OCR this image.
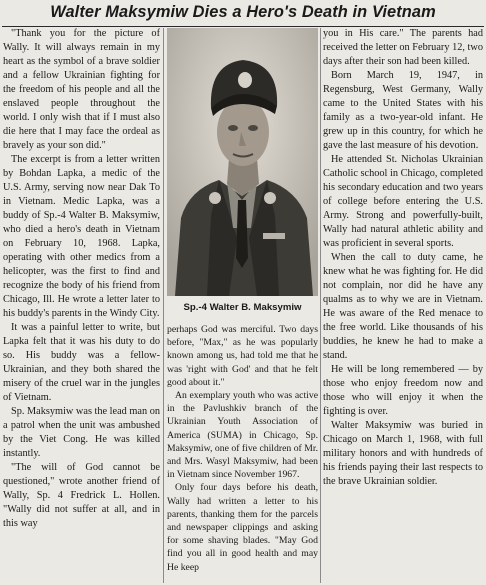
Walter Maksymiw Dies a Hero's Death in Vietnam

"Thank you for the picture of Wally. It will always remain in my heart as the symbol of a brave soldier and a fellow Ukrainian fighting for the freedom of his people and all the enslaved people throughout the world. I only wish that if I must also die here that I may face the ordeal as bravely as your son did."

The excerpt is from a letter written by Bohdan Lapka, a medic of the U.S. Army, serving now near Dak To in Vietnam. Medic Lapka, was a buddy of Sp.-4 Walter B. Maksymiw, who died a hero's death in Vietnam on February 10, 1968. Lapka, operating with other medics from a helicopter, was the first to find and recognize the body of his friend from Chicago, Ill. He wrote a letter later to his buddy's parents in the Windy City.

It was a painful letter to write, but Lapka felt that it was his duty to do so. His buddy was a fellow-Ukrainian, and they both shared the misery of the cruel war in the jungles of Vietnam.

Sp. Maksymiw was the lead man on a patrol when the unit was ambushed by the Viet Cong. He was killed instantly.

"The will of God cannot be questioned," wrote another friend of Wally, Sp. 4 Fredrick L. Hollen. "Wally did not suffer at all, and in this way

Sp.-4 Walter B. Maksymiw

perhaps God was merciful. Two days before, "Max," as he was popularly known among us, had told me that he was 'right with God' and that he felt good about it."

An exemplary youth who was active in the Pavlushkiv branch of the Ukrainian Youth Association of America (SUMA) in Chicago, Sp. Maksymiw, one of five children of Mr. and Mrs. Wasyl Maksymiw, had been in Vietnam since November 1967.

Only four days before his death, Wally had written a letter to his parents, thanking them for the parcels and newspaper clippings and asking for some shaving blades. "May God find you all in good health and may He keep

you in His care." The parents had received the letter on February 12, two days after their son had been killed.

Born March 19, 1947, in Regensburg, West Germany, Wally came to the United States with his family as a two-year-old infant. He grew up in this country, for which he gave the last measure of his devotion.

He attended St. Nicholas Ukrainian Catholic school in Chicago, completed his secondary education and two years of college before entering the U.S. Army. Strong and powerfully-built, Wally had natural athletic ability and was proficient in several sports.

When the call to duty came, he knew what he was fighting for. He did not complain, nor did he have any qualms as to why we are in Vietnam. He was aware of the Red menace to the free world. Like thousands of his buddies, he knew he had to make a stand.

He will be long remembered — by those who enjoy freedom now and those who will enjoy it when the fighting is over.

Walter Maksymiw was buried in Chicago on March 1, 1968, with full military honors and with hundreds of his friends paying their last respects to the brave Ukrainian soldier.
